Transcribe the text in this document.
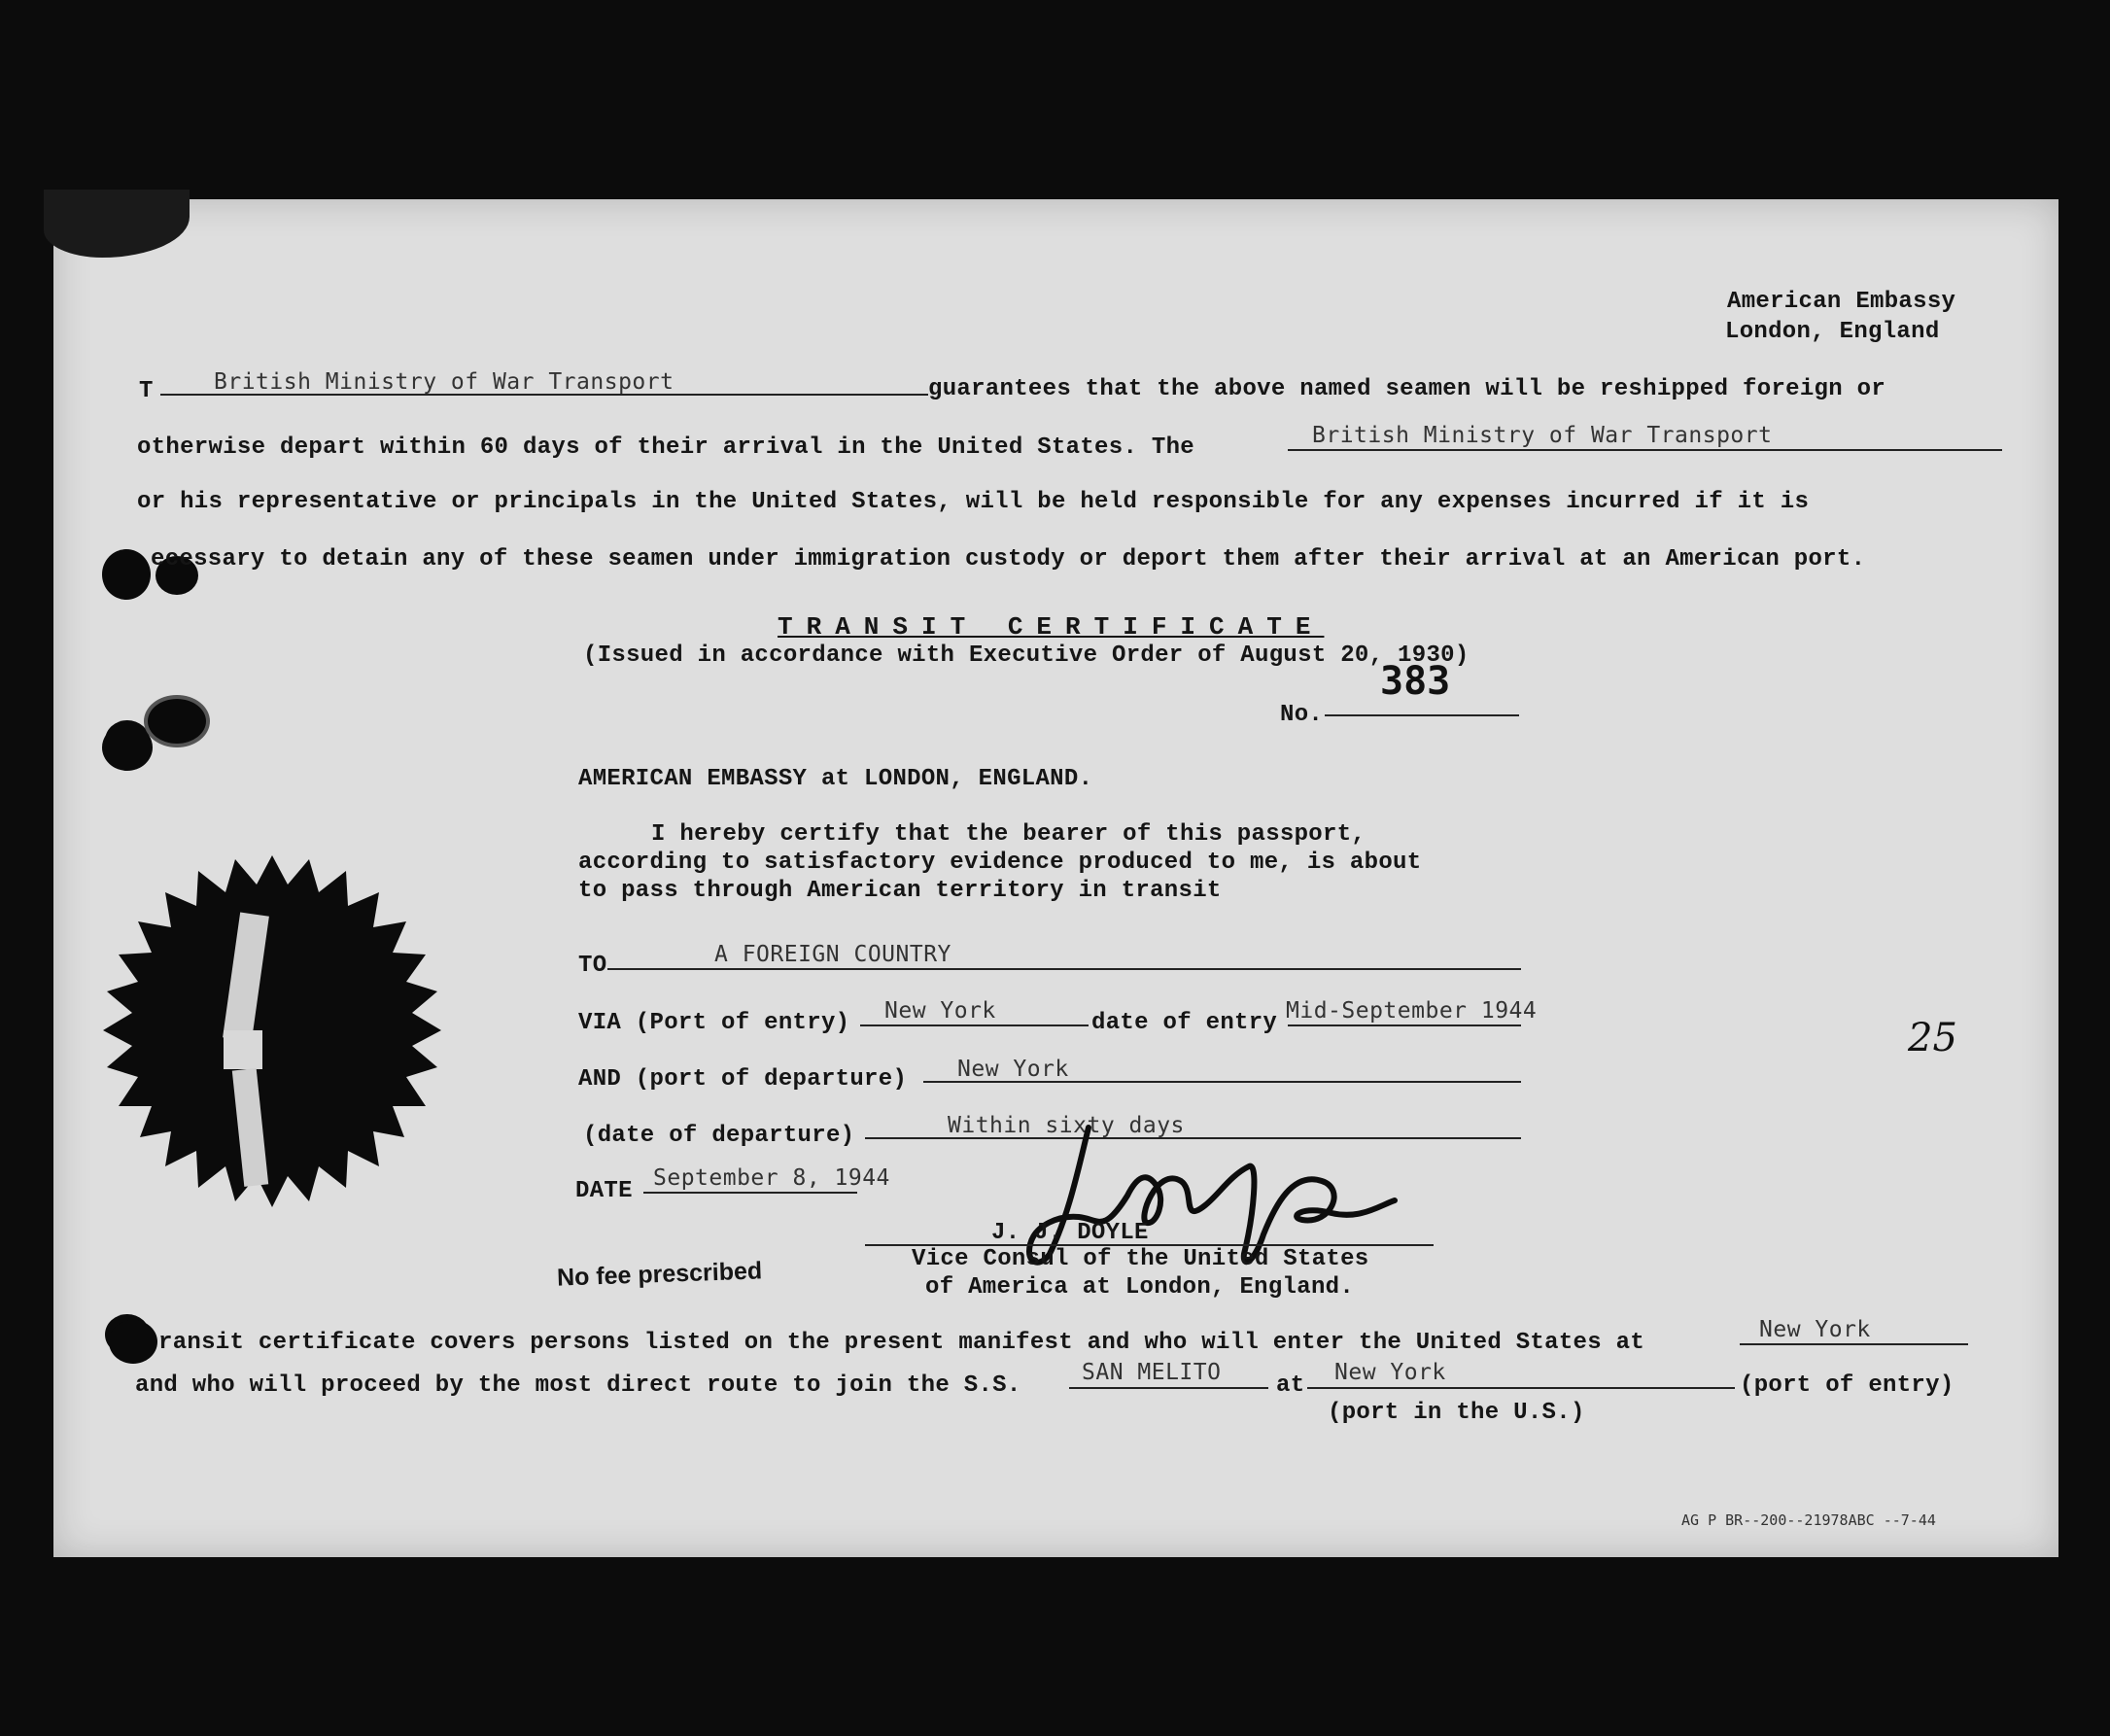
American Embassy
London, England
T	British Ministry of War Transport	guarantees that the above named seamen will be reshipped foreign or
otherwise depart within 60 days of their arrival in the United States. The	British Ministry of War Transport
or his representative or principals in the United States, will be held responsible for any expenses incurred if it is
ecessary to detain any of these seamen under immigration custody or deport them after their arrival at an American port.
TRANSIT CERTIFICATE
(Issued in accordance with Executive Order of August 20, 1930)
383
No.
AMERICAN EMBASSY at LONDON, ENGLAND.
I hereby certify that the bearer of this passport,
according to satisfactory evidence produced to me, is about
to pass through American territory in transit
TO	A FOREIGN COUNTRY
VIA (Port of entry) New York	date of entry Mid-September 1944
AND (port of departure) New York
(date of departure)	Within sixty days
DATE September 8, 1944
J. J. DOYLE
Vice Consul of the United States
of America at London, England.
No fee prescribed
25
ransit certificate covers persons listed on the present manifest and who will enter the United States at	New York
and who will proceed by the most direct route to join the S.S.	SAN MELITO at New York	(port of entry)
(port in the U.S.)
AG P BR--200--21978ABC --7-44
